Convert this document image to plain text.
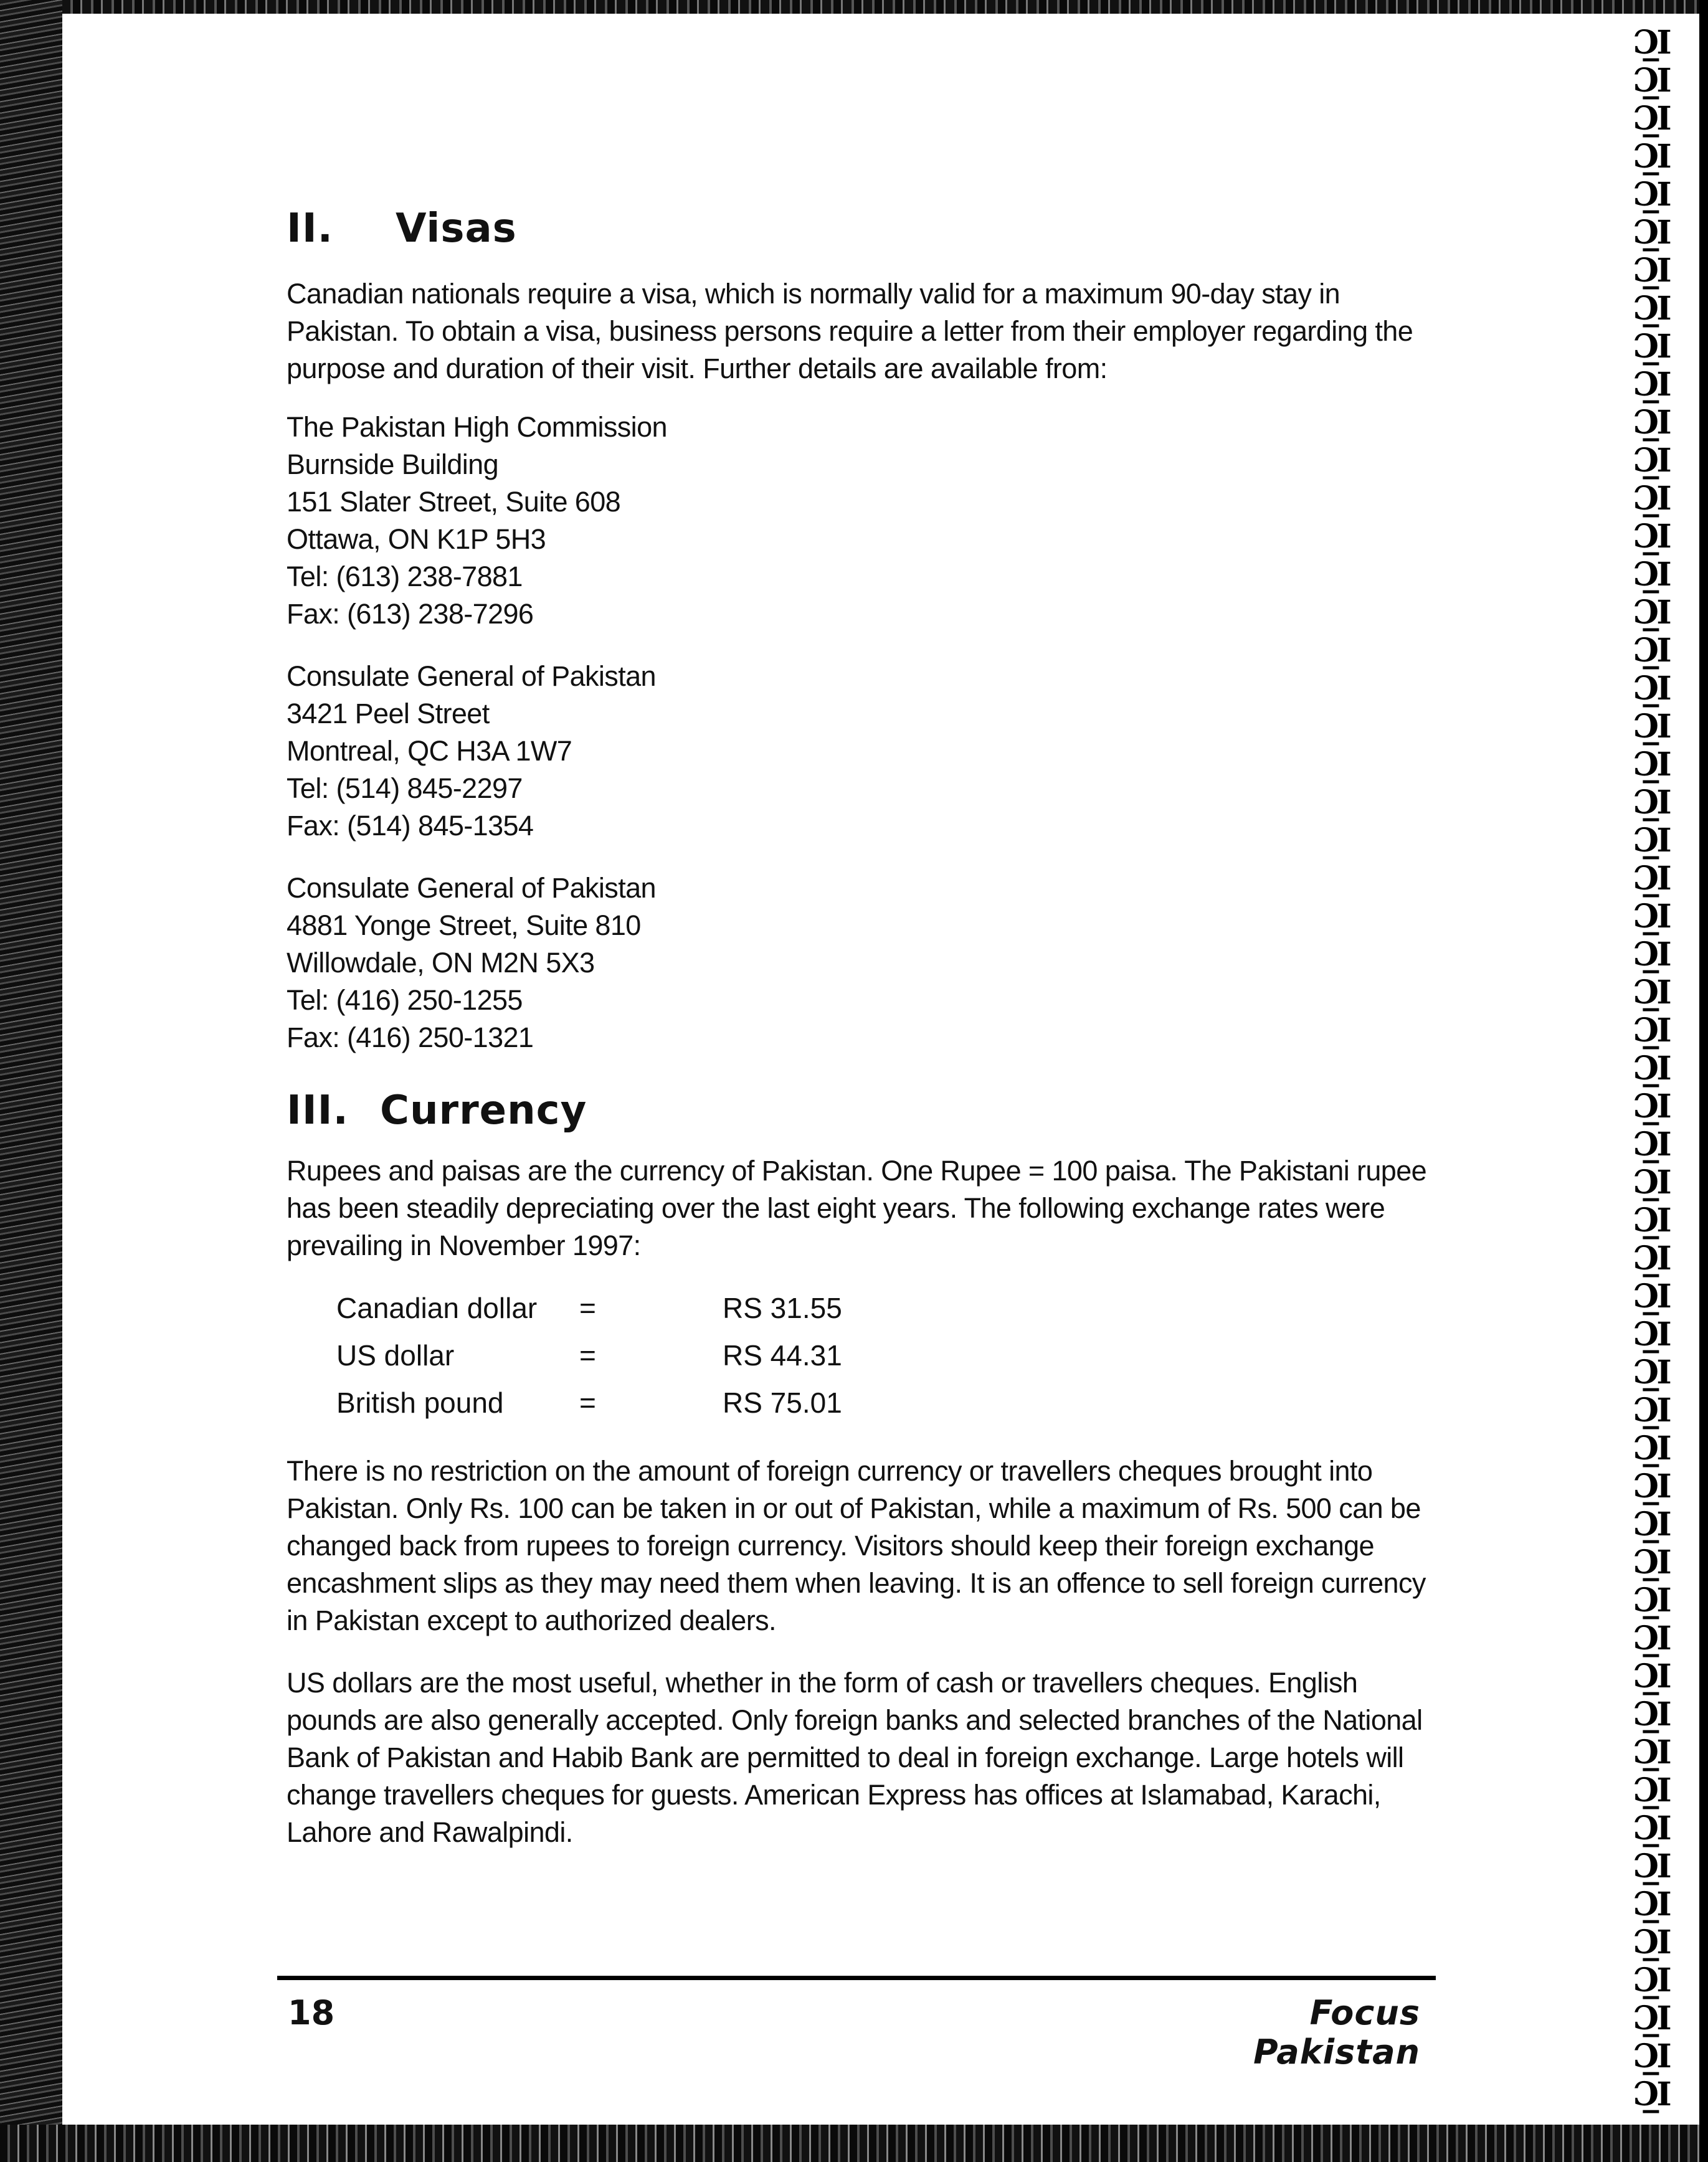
Ɔ̲I
Ɔ̲I
Ɔ̲I
Ɔ̲I
Ɔ̲I
Ɔ̲I
Ɔ̲I
Ɔ̲I
Ɔ̲I
Ɔ̲I
Ɔ̲I
Ɔ̲I
Ɔ̲I
Ɔ̲I
Ɔ̲I
Ɔ̲I
Ɔ̲I
Ɔ̲I
Ɔ̲I
Ɔ̲I
Ɔ̲I
Ɔ̲I
Ɔ̲I
Ɔ̲I
Ɔ̲I
Ɔ̲I
Ɔ̲I
Ɔ̲I
Ɔ̲I
Ɔ̲I
Ɔ̲I
Ɔ̲I
Ɔ̲I
Ɔ̲I
Ɔ̲I
Ɔ̲I
Ɔ̲I
Ɔ̲I
Ɔ̲I
Ɔ̲I
Ɔ̲I
Ɔ̲I
Ɔ̲I
Ɔ̲I
Ɔ̲I
Ɔ̲I
Ɔ̲I
Ɔ̲I
Ɔ̲I
Ɔ̲I
Ɔ̲I
Ɔ̲I
Ɔ̲I
Ɔ̲I
Ɔ̲I
II. Visas

Canadian nationals require a visa, which is normally valid for a maximum 90-day stay in Pakistan. To obtain a visa, business persons require a letter from their employer regarding the purpose and duration of their visit. Further details are available from:

The Pakistan High Commission
Burnside Building
151 Slater Street, Suite 608
Ottawa, ON K1P 5H3
Tel: (613) 238-7881
Fax: (613) 238-7296
Consulate General of Pakistan
3421 Peel Street
Montreal, QC H3A 1W7
Tel: (514) 845-2297
Fax: (514) 845-1354
Consulate General of Pakistan
4881 Yonge Street, Suite 810
Willowdale, ON M2N 5X3
Tel: (416) 250-1255
Fax: (416) 250-1321
III. Currency

Rupees and paisas are the currency of Pakistan. One Rupee = 100 paisa. The Pakistani rupee has been steadily depreciating over the last eight years. The following exchange rates were prevailing in November 1997:

Canadian dollar =	RS 31.55
US dollar	=	RS 44.31
British pound	=	RS 75.01

There is no restriction on the amount of foreign currency or travellers cheques brought into Pakistan. Only Rs. 100 can be taken in or out of Pakistan, while a maximum of Rs. 500 can be changed back from rupees to foreign currency. Visitors should keep their foreign exchange encashment slips as they may need them when leaving. It is an offence to sell foreign currency in Pakistan except to authorized dealers.

US dollars are the most useful, whether in the form of cash or travellers cheques. English pounds are also generally accepted. Only foreign banks and selected branches of the National Bank of Pakistan and Habib Bank are permitted to deal in foreign exchange. Large hotels will change travellers cheques for guests. American Express has offices at Islamabad, Karachi, Lahore and Rawalpindi.

18	Focus Pakistan
